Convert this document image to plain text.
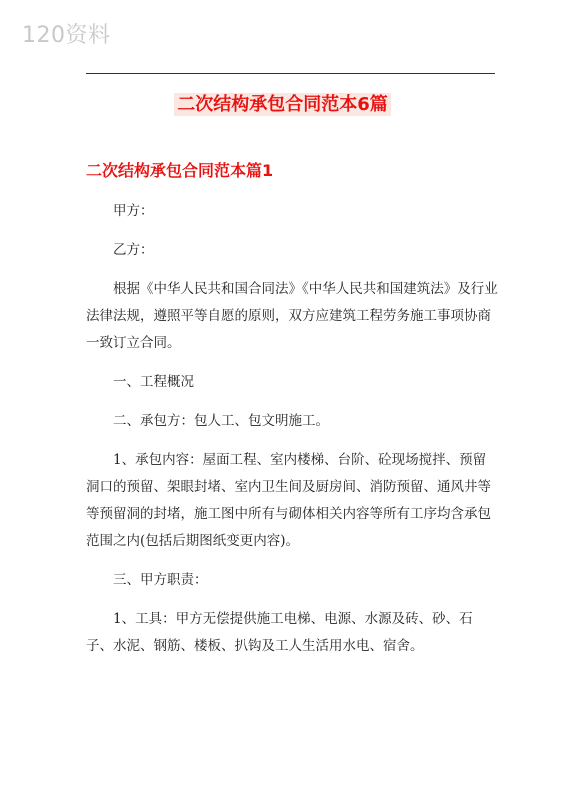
120资料
二次结构承包合同范本6篇
二次结构承包合同范本篇1

甲方：

乙方：

根据《中华人民共和国合同法》《中华人民共和国建筑法》及行业法律法规，遵照平等自愿的原则，双方应建筑工程劳务施工事项协商一致订立合同。

一、工程概况

二、承包方：包人工、包文明施工。

1、承包内容：屋面工程、室内楼梯、台阶、砼现场搅拌、预留洞口的预留、架眼封堵、室内卫生间及厨房间、消防预留、通风井等等预留洞的封堵，施工图中所有与砌体相关内容等所有工序均含承包范围之内(包括后期图纸变更内容)。

三、甲方职责：

1、工具：甲方无偿提供施工电梯、电源、水源及砖、砂、石子、水泥、钢筋、楼板、扒钩及工人生活用水电、宿舍。
